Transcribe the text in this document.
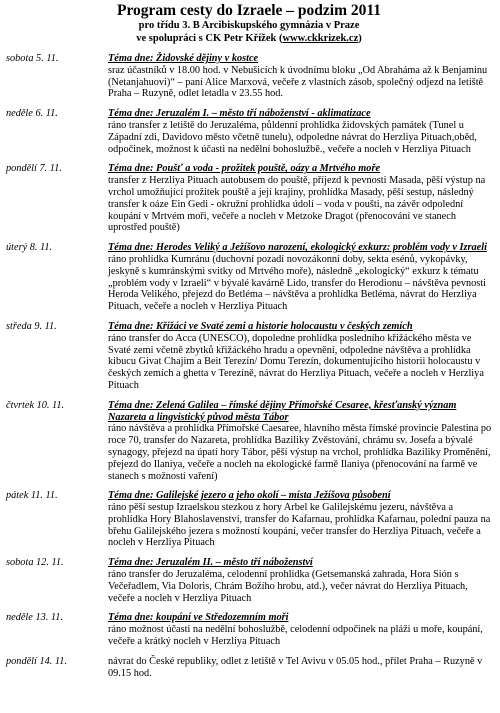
Program cesty do Izraele – podzim 2011
pro třídu 3. B Arcibiskupského gymnázia v Praze
ve spolupráci s CK Petr Křížek (www.ckkrizek.cz)
sobota 5. 11.	Téma dne: Židovské dějiny v kostce
sraz účastníků v 18.00 hod. v Nebušicích k úvodnímu bloku „Od Abraháma až k Benjaminu (Netanjahuovi)“ – paní Alice Marxová, večeře z vlastních zásob, společný odjezd na letiště Praha – Ruzyně, odlet letadla v 23.55 hod.
neděle 6. 11.	Téma dne: Jeruzalém I. – město tří náboženství - aklimatizace
ráno transfer z letiště do Jeruzaléma, půldenní prohlídka židovských památek (Tunel u Západní zdi, Davidovo město včetně tunelu), odpoledne návrat do Herzliya Pituach,oběd, odpočinek, možnost k účasti na nedělní bohoslužbě., večeře a nocleh v Herzliya Pituach
pondělí 7. 11.	Téma dne: Poušť a voda - prožitek pouště, oázy a Mrtvého moře
transfer z Herzliya Pituach autobusem do pouště, příjezd k pevnosti Masada, pěší výstup na vrchol umožňující prožitek pouště a její krajiny, prohlídka Masady, pěší sestup, následný transfer k oáze Ein Gedi - okružní prohlídka údolí – voda v poušti, na závěr odpolední koupání v Mrtvém moři, večeře a nocleh v Metzoke Dragot (přenocování ve stanech uprostřed pouště)
úterý 8. 11.	Téma dne: Herodes Veliký a Ježíšovo narození, ekologický exkurz: problém vody v Izraeli
ráno prohlídka Kumránu (duchovní pozadí novozákonní doby, sekta esénů, vykopávky, jeskyně s kumránskými svitky od Mrtvého moře), následně „ekologický“ exkurz k tématu „problém vody v Izraeli“ v bývalé kavárně Lido, transfer do Herodionu – návštěva pevnosti Heroda Velikého, přejezd do Betléma – návštěva a prohlídka Betléma, návrat do Herzliya Pituach, večeře a nocleh v Herzliya Pituach
středa 9. 11.	Téma dne: Křižáci ve Svaté zemi a historie holocaustu v českých zemích
ráno transfer do Acca (UNESCO), dopoledne prohlídka posledního křižáckého města ve Svaté zemi včetně zbytků křižáckého hradu a opevnění, odpoledne návštěva a prohlídka kibucu Givat Chajim a Beit Terezín/ Domu Terezín, dokumentujícího historii holocaustu v českých zemích a ghetta v Terezíně, návrat do Herzliya Pituach, večeře a nocleh v Herzliya Pituach
čtvrtek 10. 11.	Téma dne: Zelená Galilea – římské dějiny Přímořské Cesaree, křesťanský význam Nazareta a lingvistický původ města Tábor
ráno návštěva a prohlídka Přímořské Caesaree, hlavního města římské provincie Palestina po roce 70, transfer do Nazareta, prohlídka Baziliky Zvěstování, chrámu sv. Josefa a bývalé synagogy, přejezd na úpatí hory Tábor, pěší výstup na vrchol, prohlídka Baziliky Proměnění, přejezd do Ilaniya, večeře a nocleh na ekologické farmě Ilaniya (přenocování na farmě ve stanech s možností vaření)
pátek 11. 11.	Téma dne: Galilejské jezero a jeho okolí – místa Ježíšova působení
ráno pěší sestup Izraelskou stezkou z hory Arbel ke Galilejskému jezeru, návštěva a prohlídka Hory Blahoslavenství, transfer do Kafarnau, prohlídka Kafarnau, polední pauza na břehu Galilejského jezera s možností koupání, večer transfer do Herzliya Pituach, večeře a nocleh v Herzliya Pituach
sobota 12. 11.	Téma dne: Jeruzalém II. – město tří náboženství
ráno transfer do Jeruzaléma, celodenní prohlídka (Getsemanská zahrada, Hora Sión s Večeřadlem, Via Doloris, Chrám Božího hrobu, atd.), večer návrat do Herzliya Pituach, večeře a nocleh v Herzliya Pituach
neděle 13. 11.	Téma dne: koupání ve Středozemním moři
ráno možnost účasti na nedělní bohoslužbě, celodenní odpočinek na pláži u moře, koupání, večeře a krátký nocleh v Herzliya Pituach
pondělí 14. 11.	návrat do České republiky, odlet z letiště v Tel Avivu v 05.05 hod., přílet Praha – Ruzyně v 09.15 hod.
